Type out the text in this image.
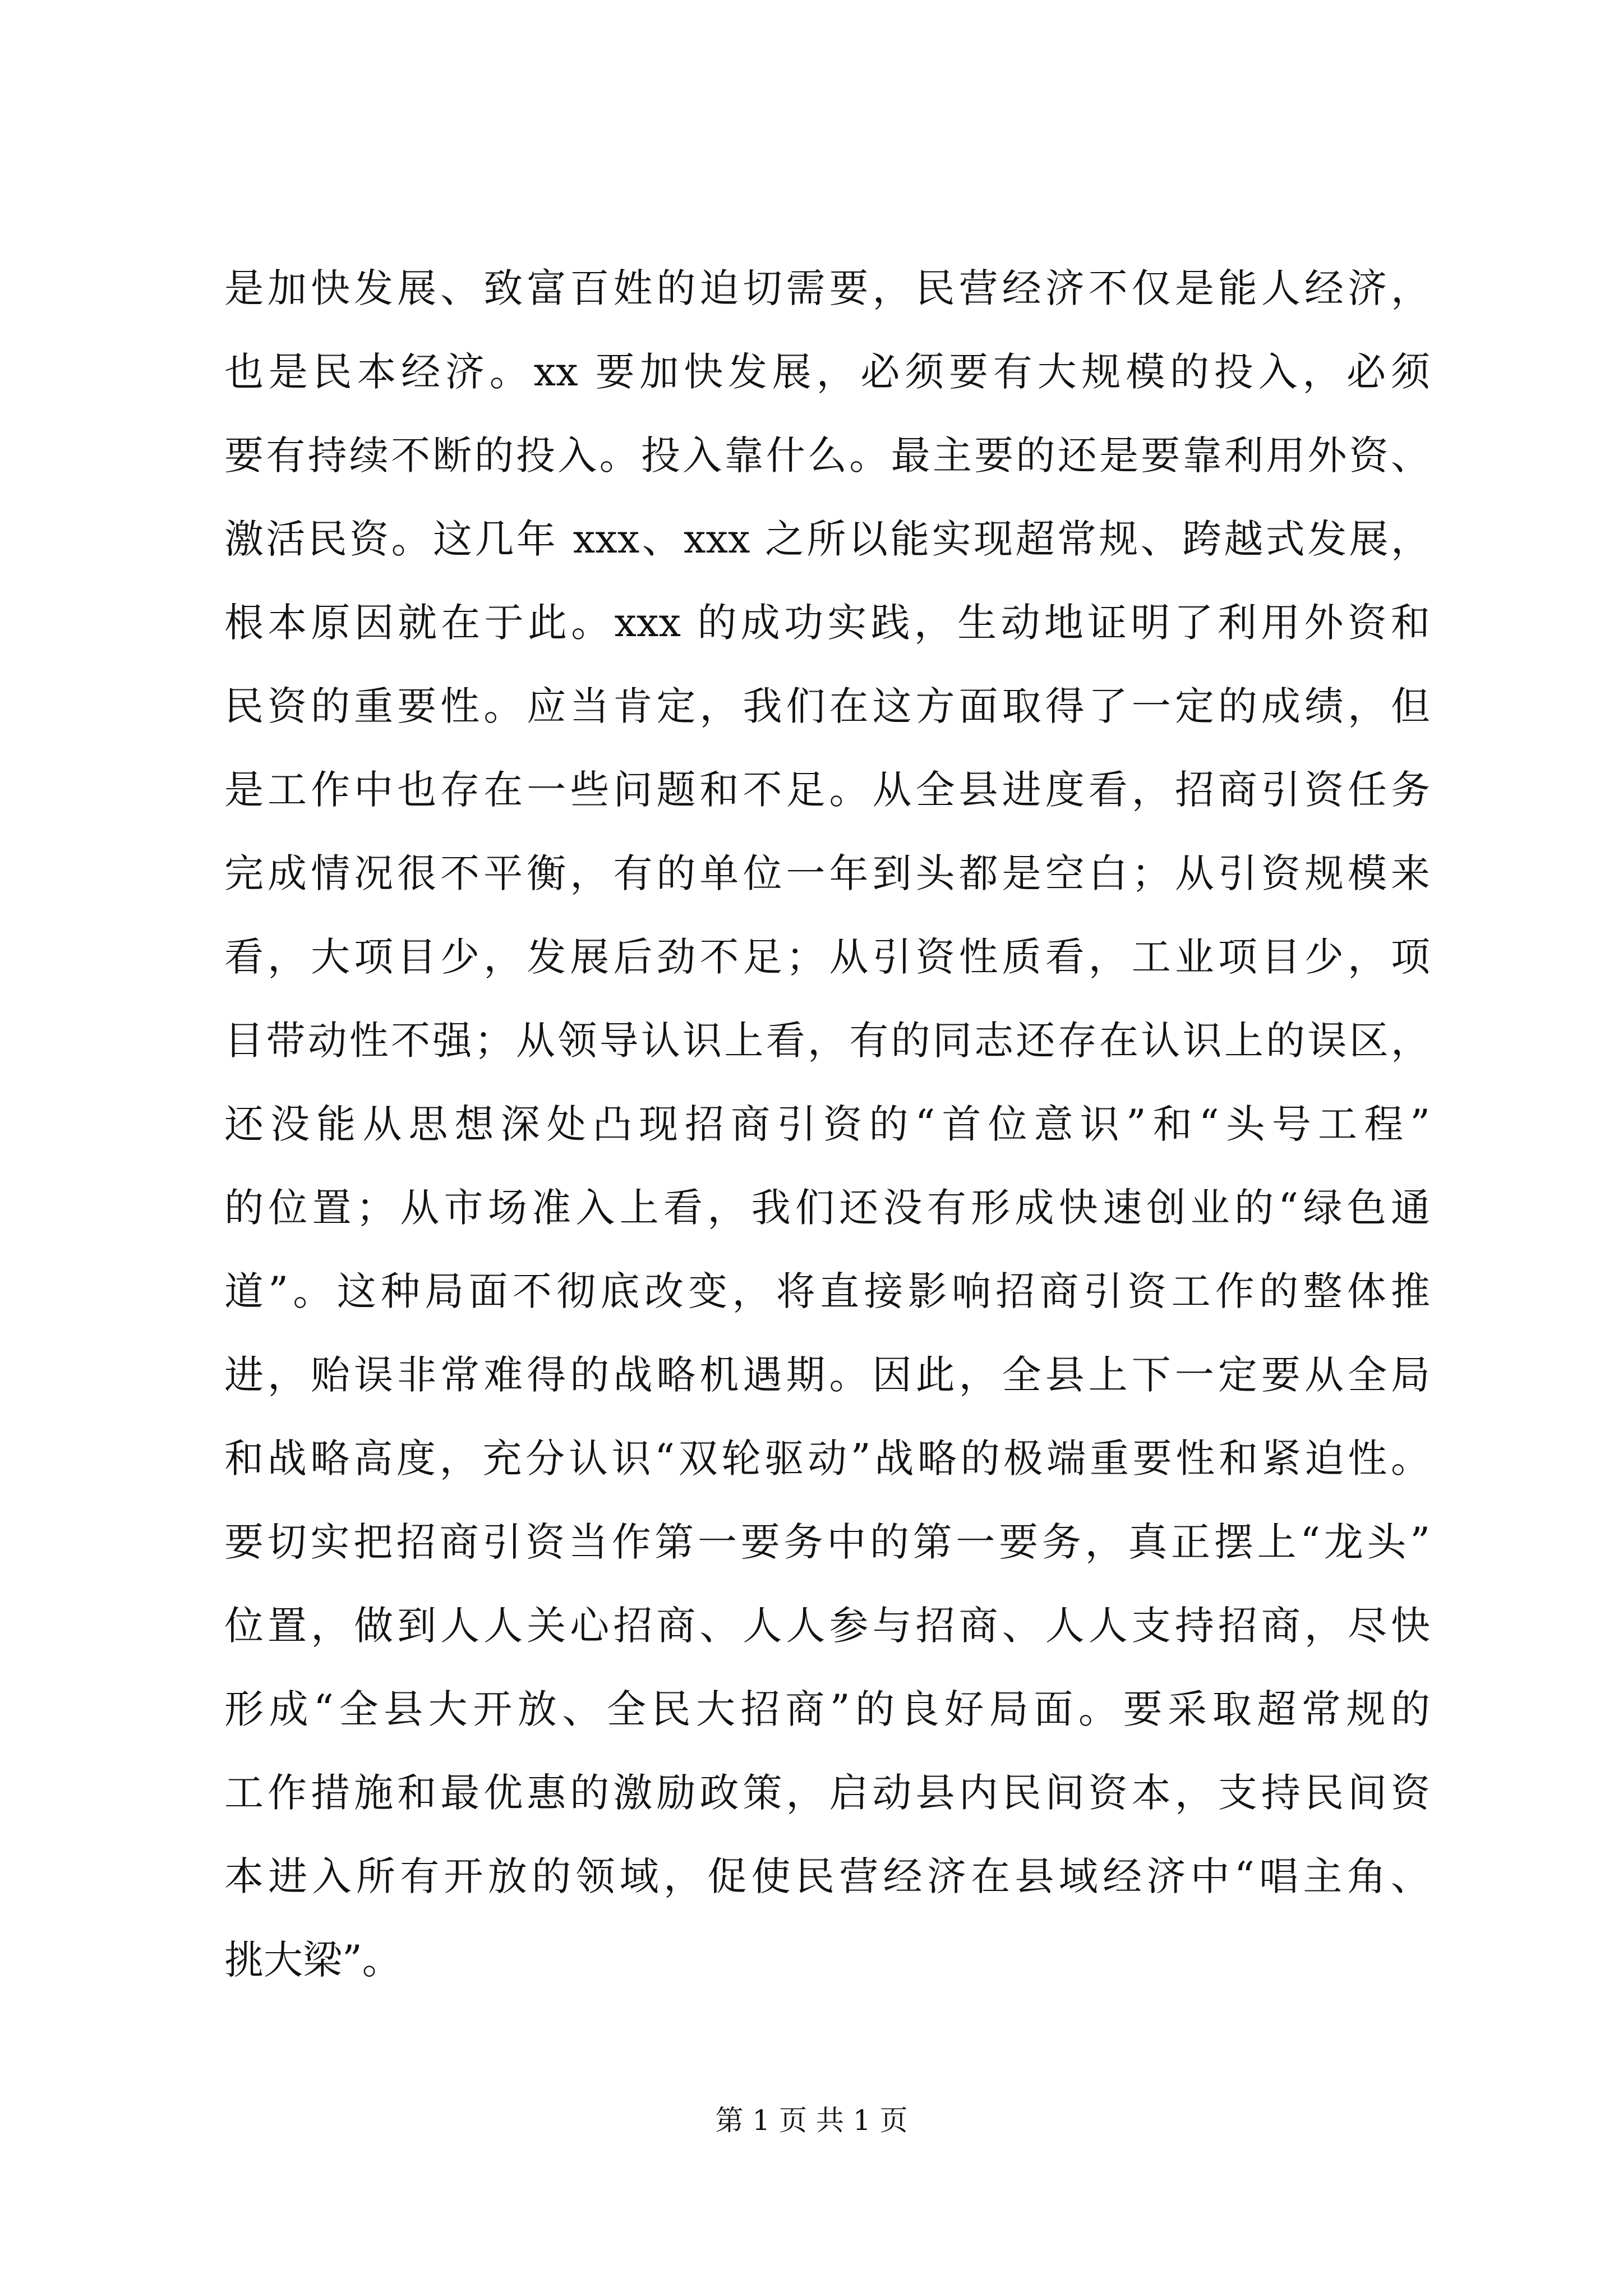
是加快发展、致富百姓的迫切需要，民营经济不仅是能人经济，
也是民本经济。xx 要加快发展，必须要有大规模的投入，必须
要有持续不断的投入。投入靠什么。最主要的还是要靠利用外资、
激活民资。这几年 xxx、xxx 之所以能实现超常规、跨越式发展，
根本原因就在于此。xxx 的成功实践，生动地证明了利用外资和
民资的重要性。应当肯定，我们在这方面取得了一定的成绩，但
是工作中也存在一些问题和不足。从全县进度看，招商引资任务
完成情况很不平衡，有的单位一年到头都是空白；从引资规模来
看，大项目少，发展后劲不足；从引资性质看，工业项目少，项
目带动性不强；从领导认识上看，有的同志还存在认识上的误区，
还没能从思想深处凸现招商引资的“首位意识”和“头号工程”
的位置；从市场准入上看，我们还没有形成快速创业的“绿色通
道”。这种局面不彻底改变，将直接影响招商引资工作的整体推
进，贻误非常难得的战略机遇期。因此，全县上下一定要从全局
和战略高度，充分认识“双轮驱动”战略的极端重要性和紧迫性。
要切实把招商引资当作第一要务中的第一要务，真正摆上“龙头”
位置，做到人人关心招商、人人参与招商、人人支持招商，尽快
形成“全县大开放、全民大招商”的良好局面。要采取超常规的
工作措施和最优惠的激励政策，启动县内民间资本，支持民间资
本进入所有开放的领域，促使民营经济在县域经济中“唱主角、
挑大梁”。
第 1 页 共 1 页
